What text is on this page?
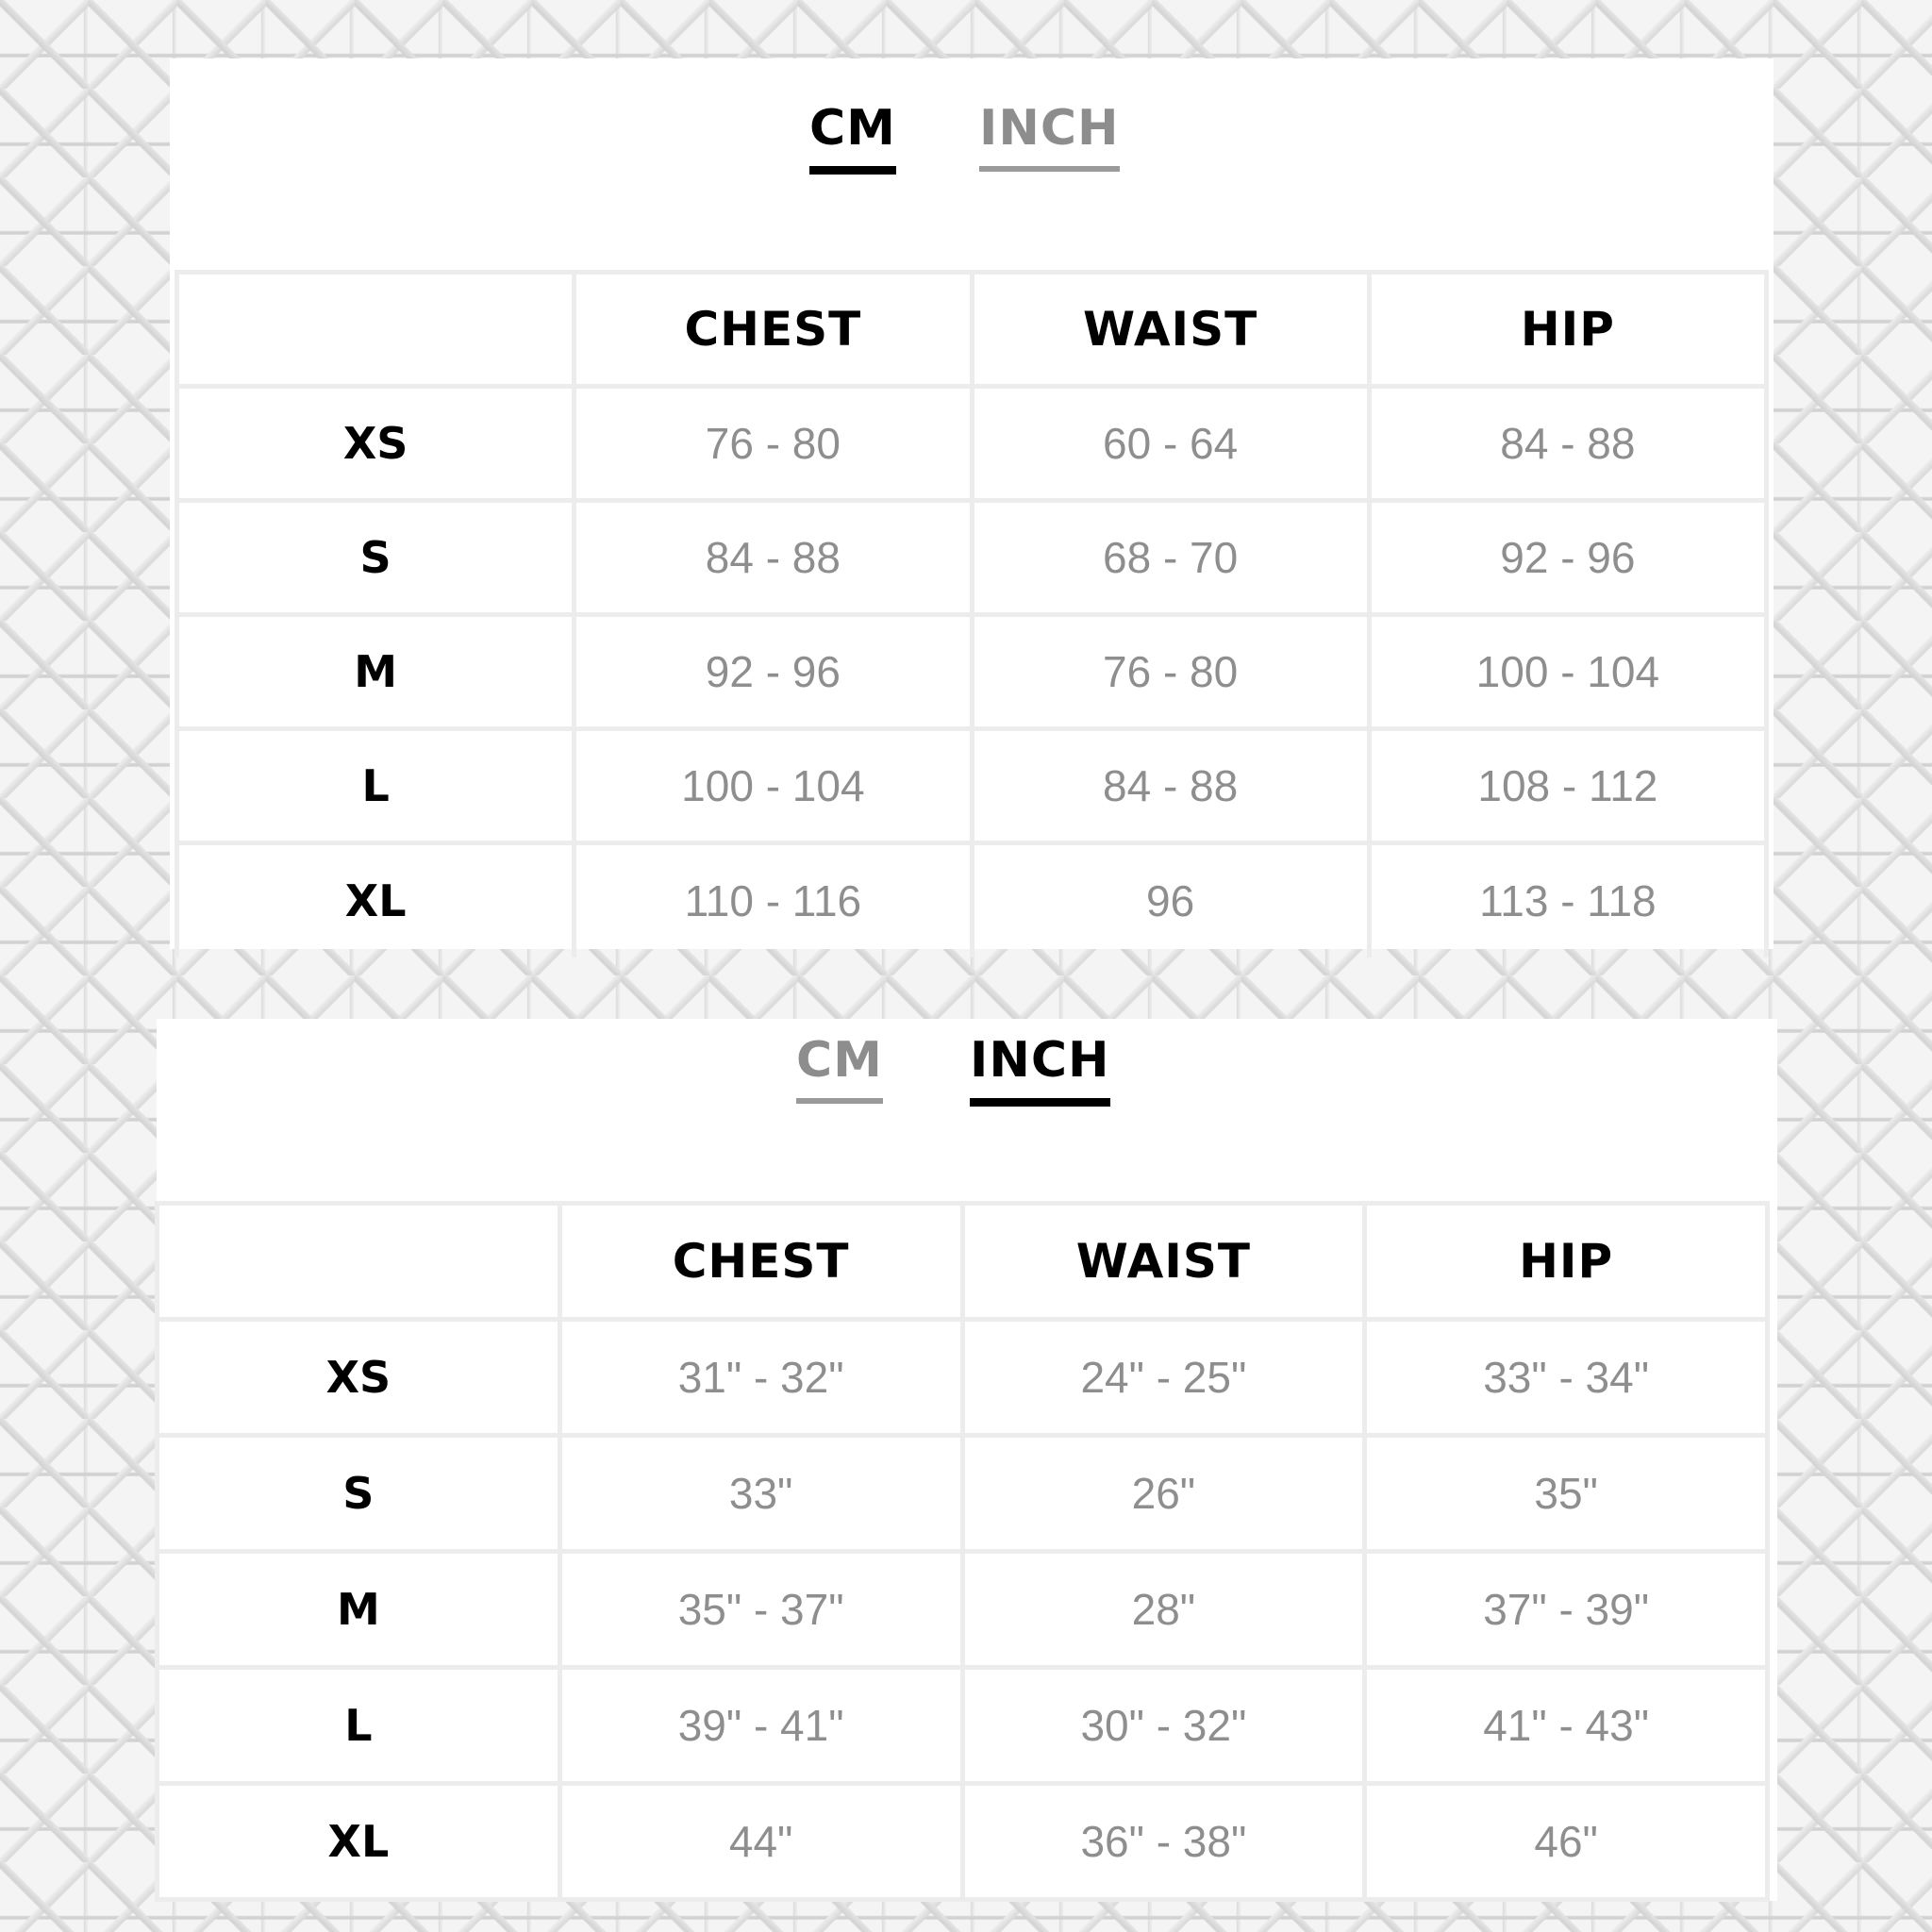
CM INCH
	CHEST	WAIST	HIP
XS	76 - 80	60 - 64	84 - 88
S	84 - 88	68 - 70	92 - 96
M	92 - 96	76 - 80	100 - 104
L	100 - 104	84 - 88	108 - 112
XL	110 - 116	96	113 - 118
CM INCH
	CHEST	WAIST	HIP
XS	31" - 32"	24" - 25"	33" - 34"
S	33"	26"	35"
M	35" - 37"	28"	37" - 39"
L	39" - 41"	30" - 32"	41" - 43"
XL	44"	36" - 38"	46"
